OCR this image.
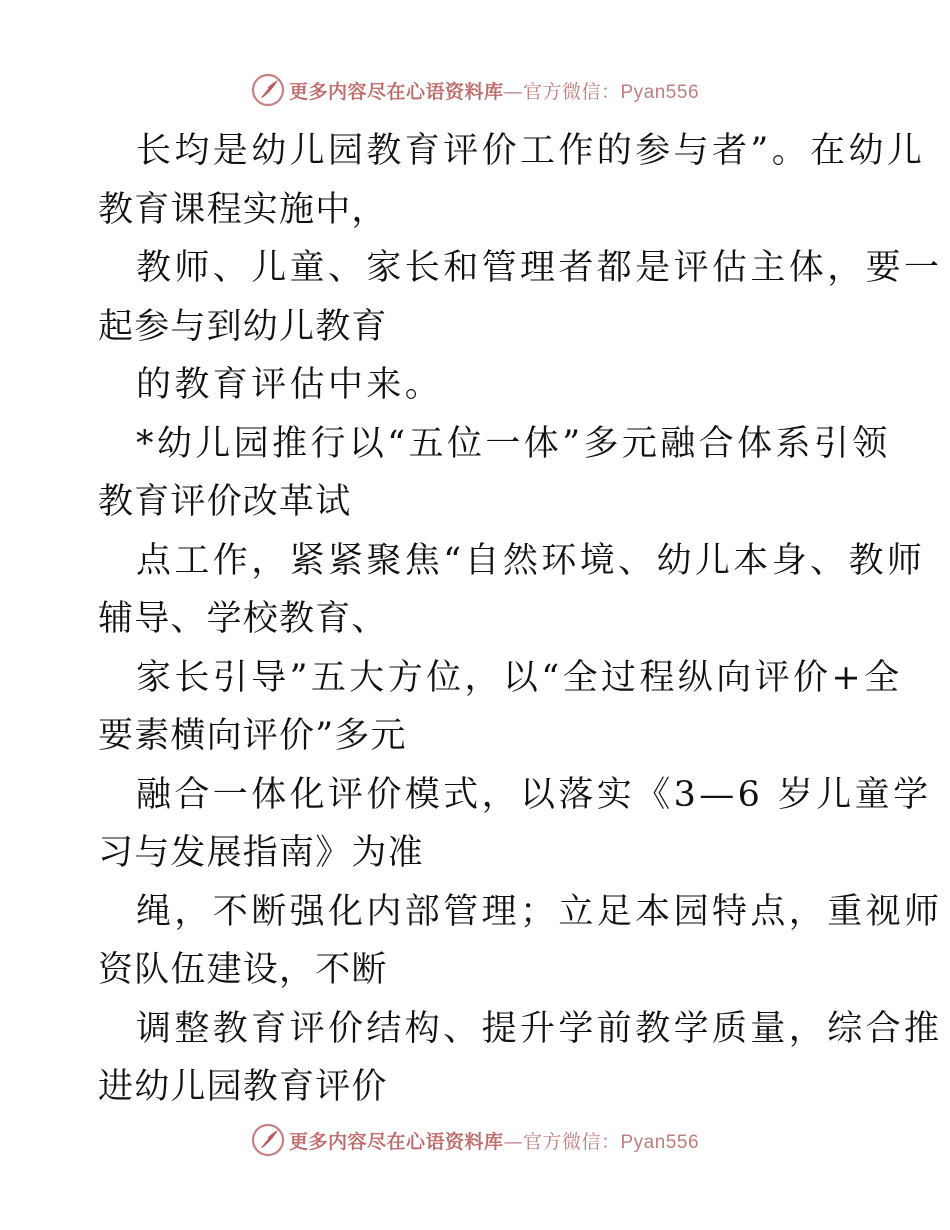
更多内容尽在心语资料库—官方微信：Pyan556
长均是幼儿园教育评价工作的参与者”。在幼儿
教育课程实施中，
教师、儿童、家长和管理者都是评估主体，要一
起参与到幼儿教育
的教育评估中来。
*幼儿园推行以“五位一体”多元融合体系引领
教育评价改革试
点工作，紧紧聚焦“自然环境、幼儿本身、教师
辅导、学校教育、
家长引导”五大方位，以“全过程纵向评价+全
要素横向评价”多元
融合一体化评价模式，以落实《3—6 岁儿童学
习与发展指南》为准
绳，不断强化内部管理；立足本园特点，重视师
资队伍建设，不断
调整教育评价结构、提升学前教学质量，综合推
进幼儿园教育评价
更多内容尽在心语资料库—官方微信：Pyan556
